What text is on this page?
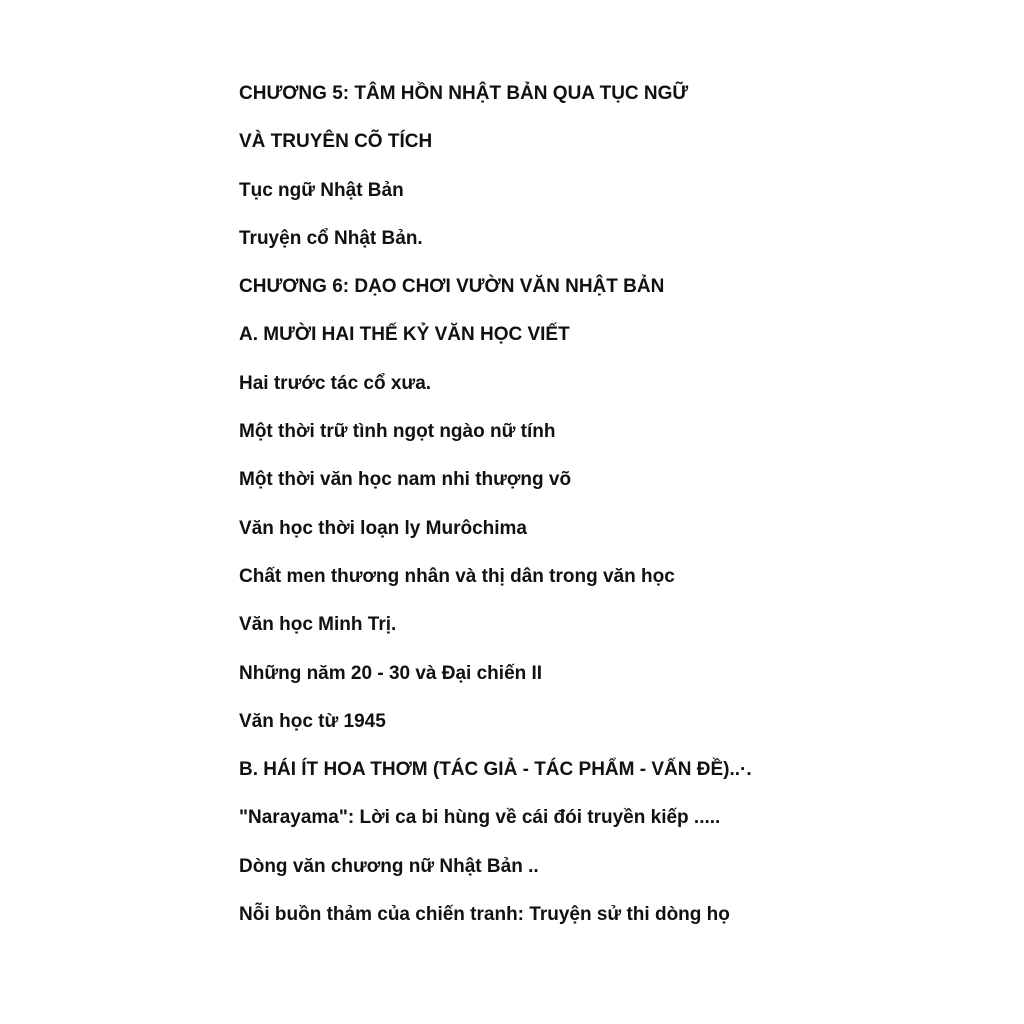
CHƯƠNG 5: TÂM HỒN NHẬT BẢN QUA TỤC NGỮ
VÀ TRUYÊN CÕ TÍCH
Tục ngữ Nhật Bản
Truyện cổ Nhật Bản.
CHƯƠNG 6: DẠO CHƠI VƯỜN VĂN NHẬT BẢN
A. MƯỜI HAI THẾ KỶ VĂN HỌC VIẾT
Hai trước tác cổ xưa.
Một thời trữ tình ngọt ngào nữ tính
Một thời văn học nam nhi thượng võ
Văn học thời loạn ly Murôchima
Chất men thương nhân và thị dân trong văn học
Văn học Minh Trị.
Những năm 20 - 30 và Đại chiến II
Văn học từ 1945
B. HÁI ÍT HOA THƠM (TÁC GIẢ - TÁC PHẨM - VẤN ĐỀ)..·.
"Narayama": Lời ca bi hùng về cái đói truyền kiếp .....
Dòng văn chương nữ Nhật Bản ..
Nỗi buồn thảm của chiến tranh: Truyện sử thi dòng họ
